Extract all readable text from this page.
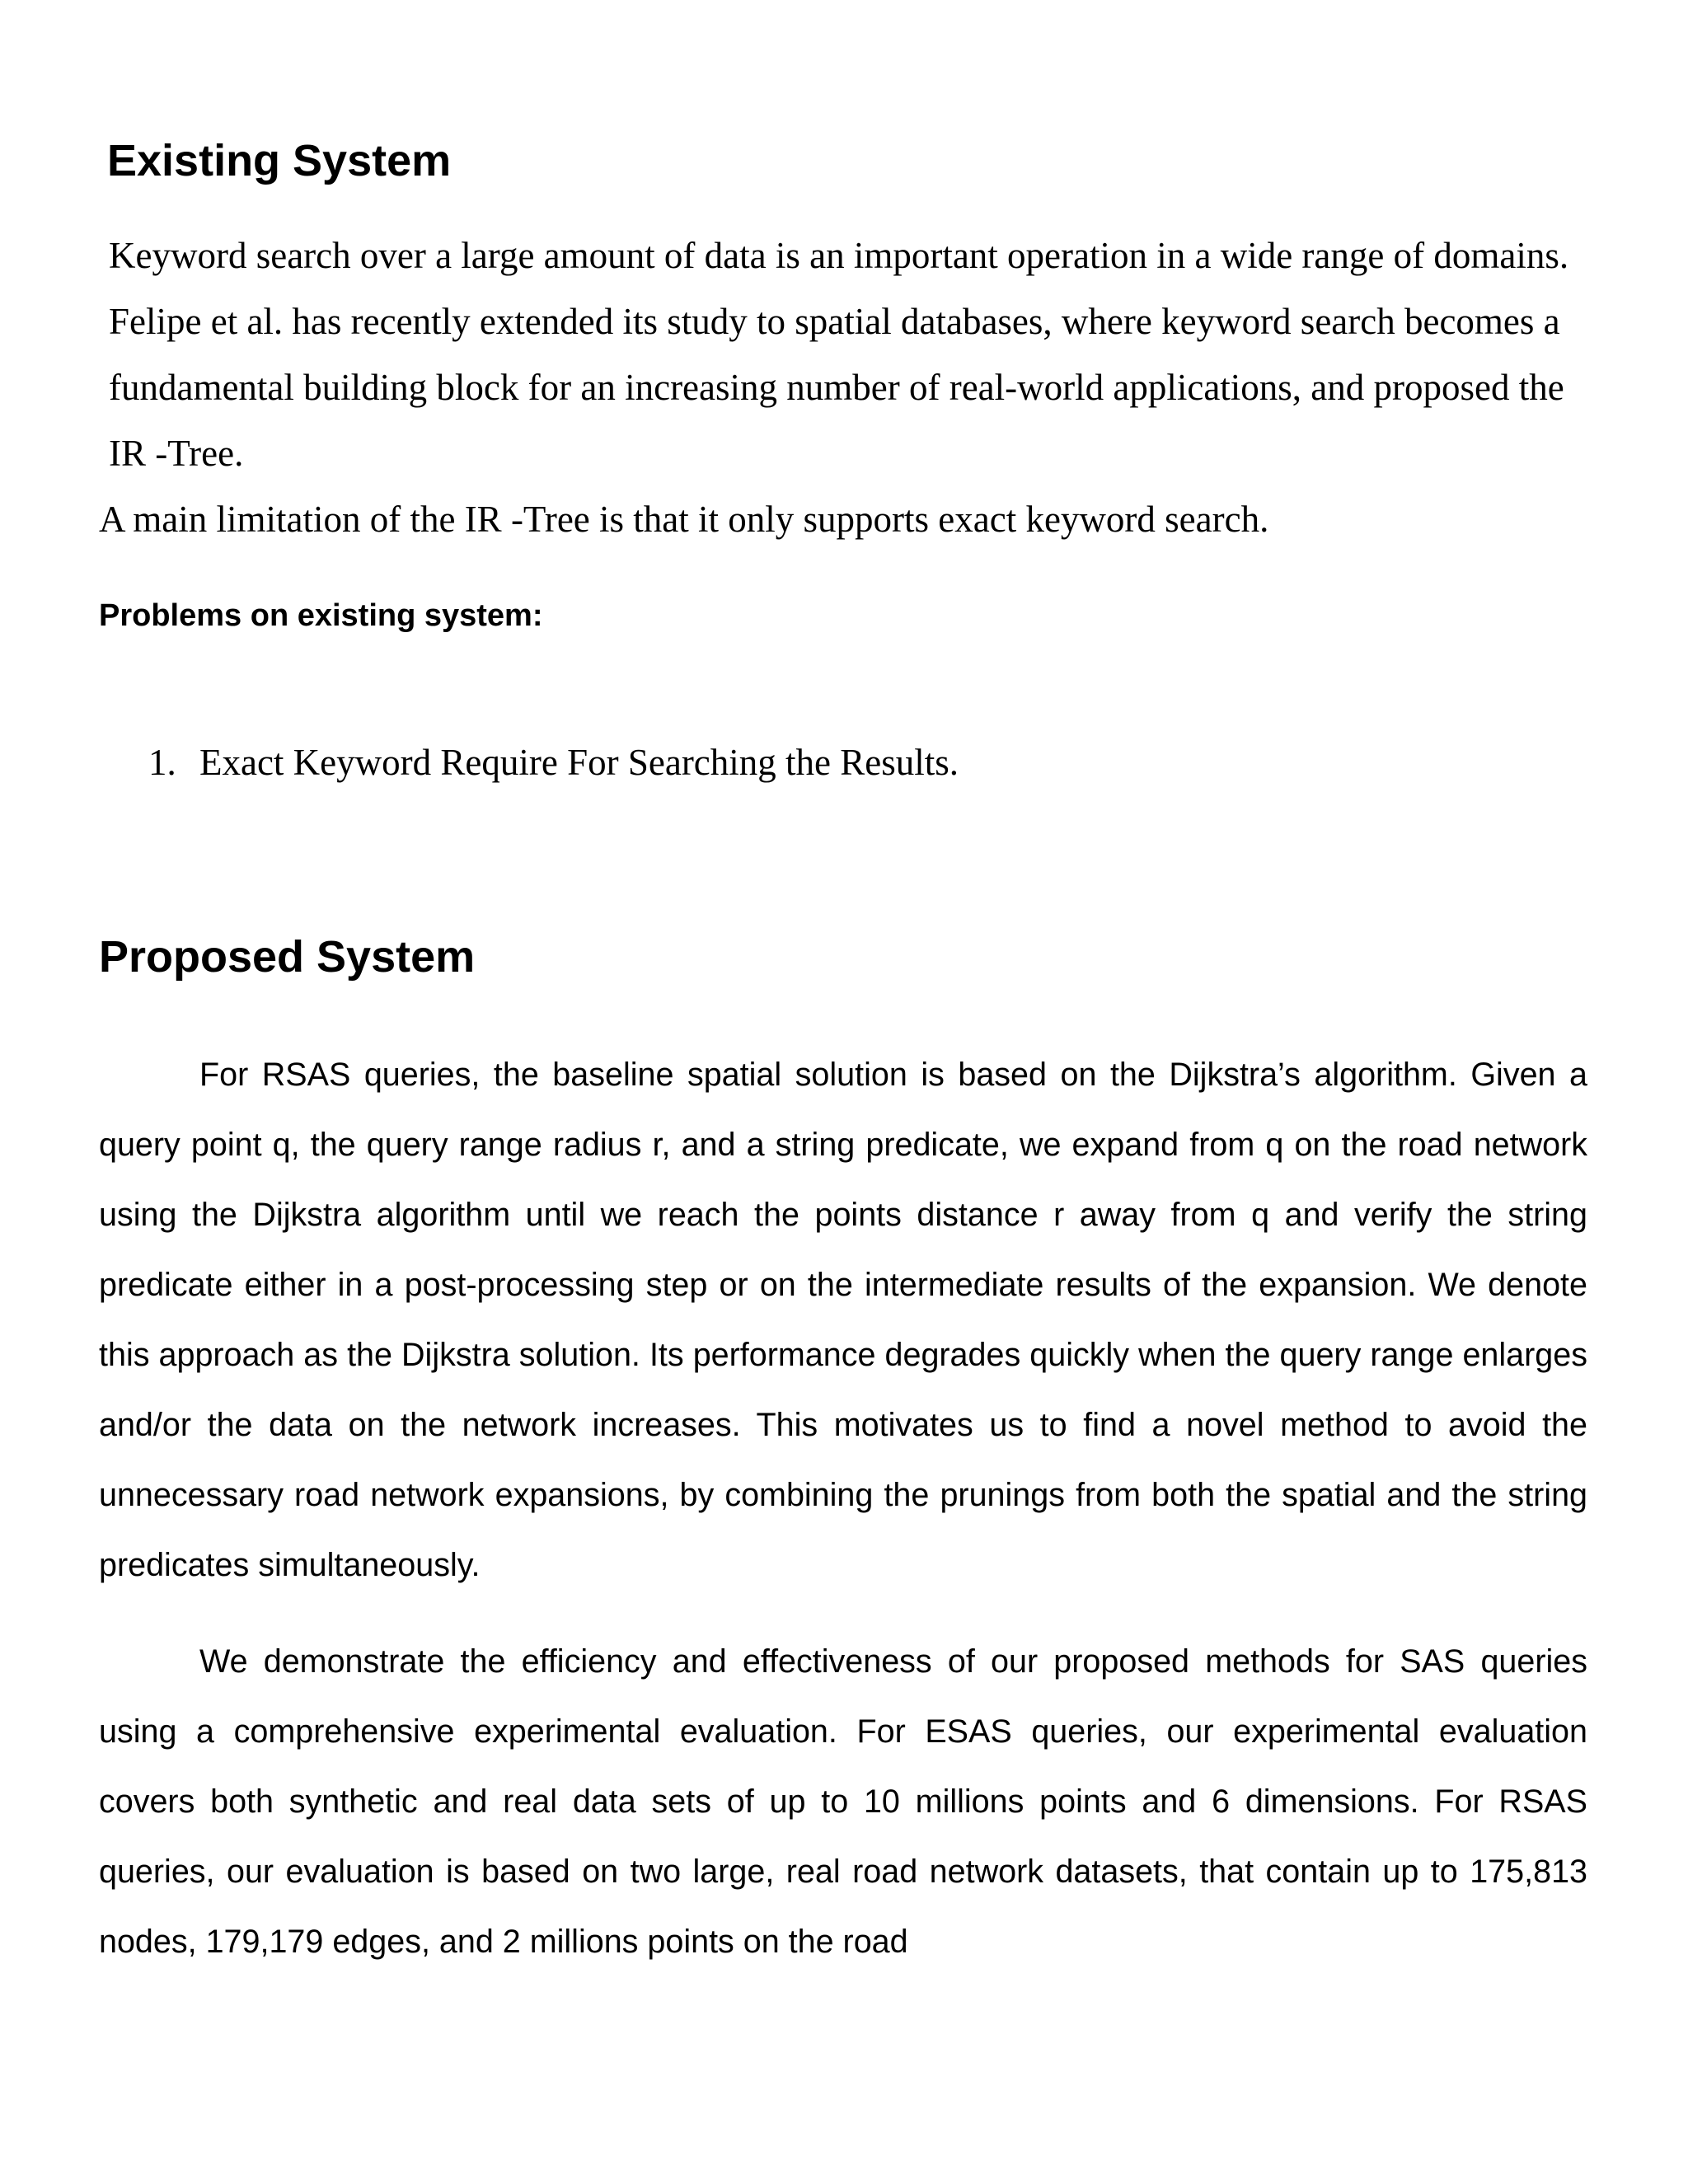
Existing System

Keyword search over a large amount of data is an important operation in a wide range of domains. Felipe et al. has recently extended its study to spatial databases, where keyword search becomes a fundamental building block for an increasing number of real-world applications, and proposed the IR -Tree.

A main limitation of the IR -Tree is that it only supports exact keyword search.

Problems on existing system:
1. Exact Keyword Require For Searching the Results.
Proposed System

For RSAS queries, the baseline spatial solution is based on the Dijkstra’s algorithm. Given a query point q, the query range radius r, and a string predicate, we expand from q on the road network using the Dijkstra algorithm until we reach the points distance r away from q and verify the string predicate either in a post-processing step or on the intermediate results of the expansion. We denote this approach as the Dijkstra solution. Its performance degrades quickly when the query range enlarges and/or the data on the network increases. This motivates us to find a novel method to avoid the unnecessary road network expansions, by combining the prunings from both the spatial and the string predicates simultaneously.

We demonstrate the efficiency and effectiveness of our proposed methods for SAS queries using a comprehensive experimental evaluation. For ESAS queries, our experimental evaluation covers both synthetic and real data sets of up to 10 millions points and 6 dimensions. For RSAS queries, our evaluation is based on two large, real road network datasets, that contain up to 175,813 nodes, 179,179 edges, and 2 millions points on the road
